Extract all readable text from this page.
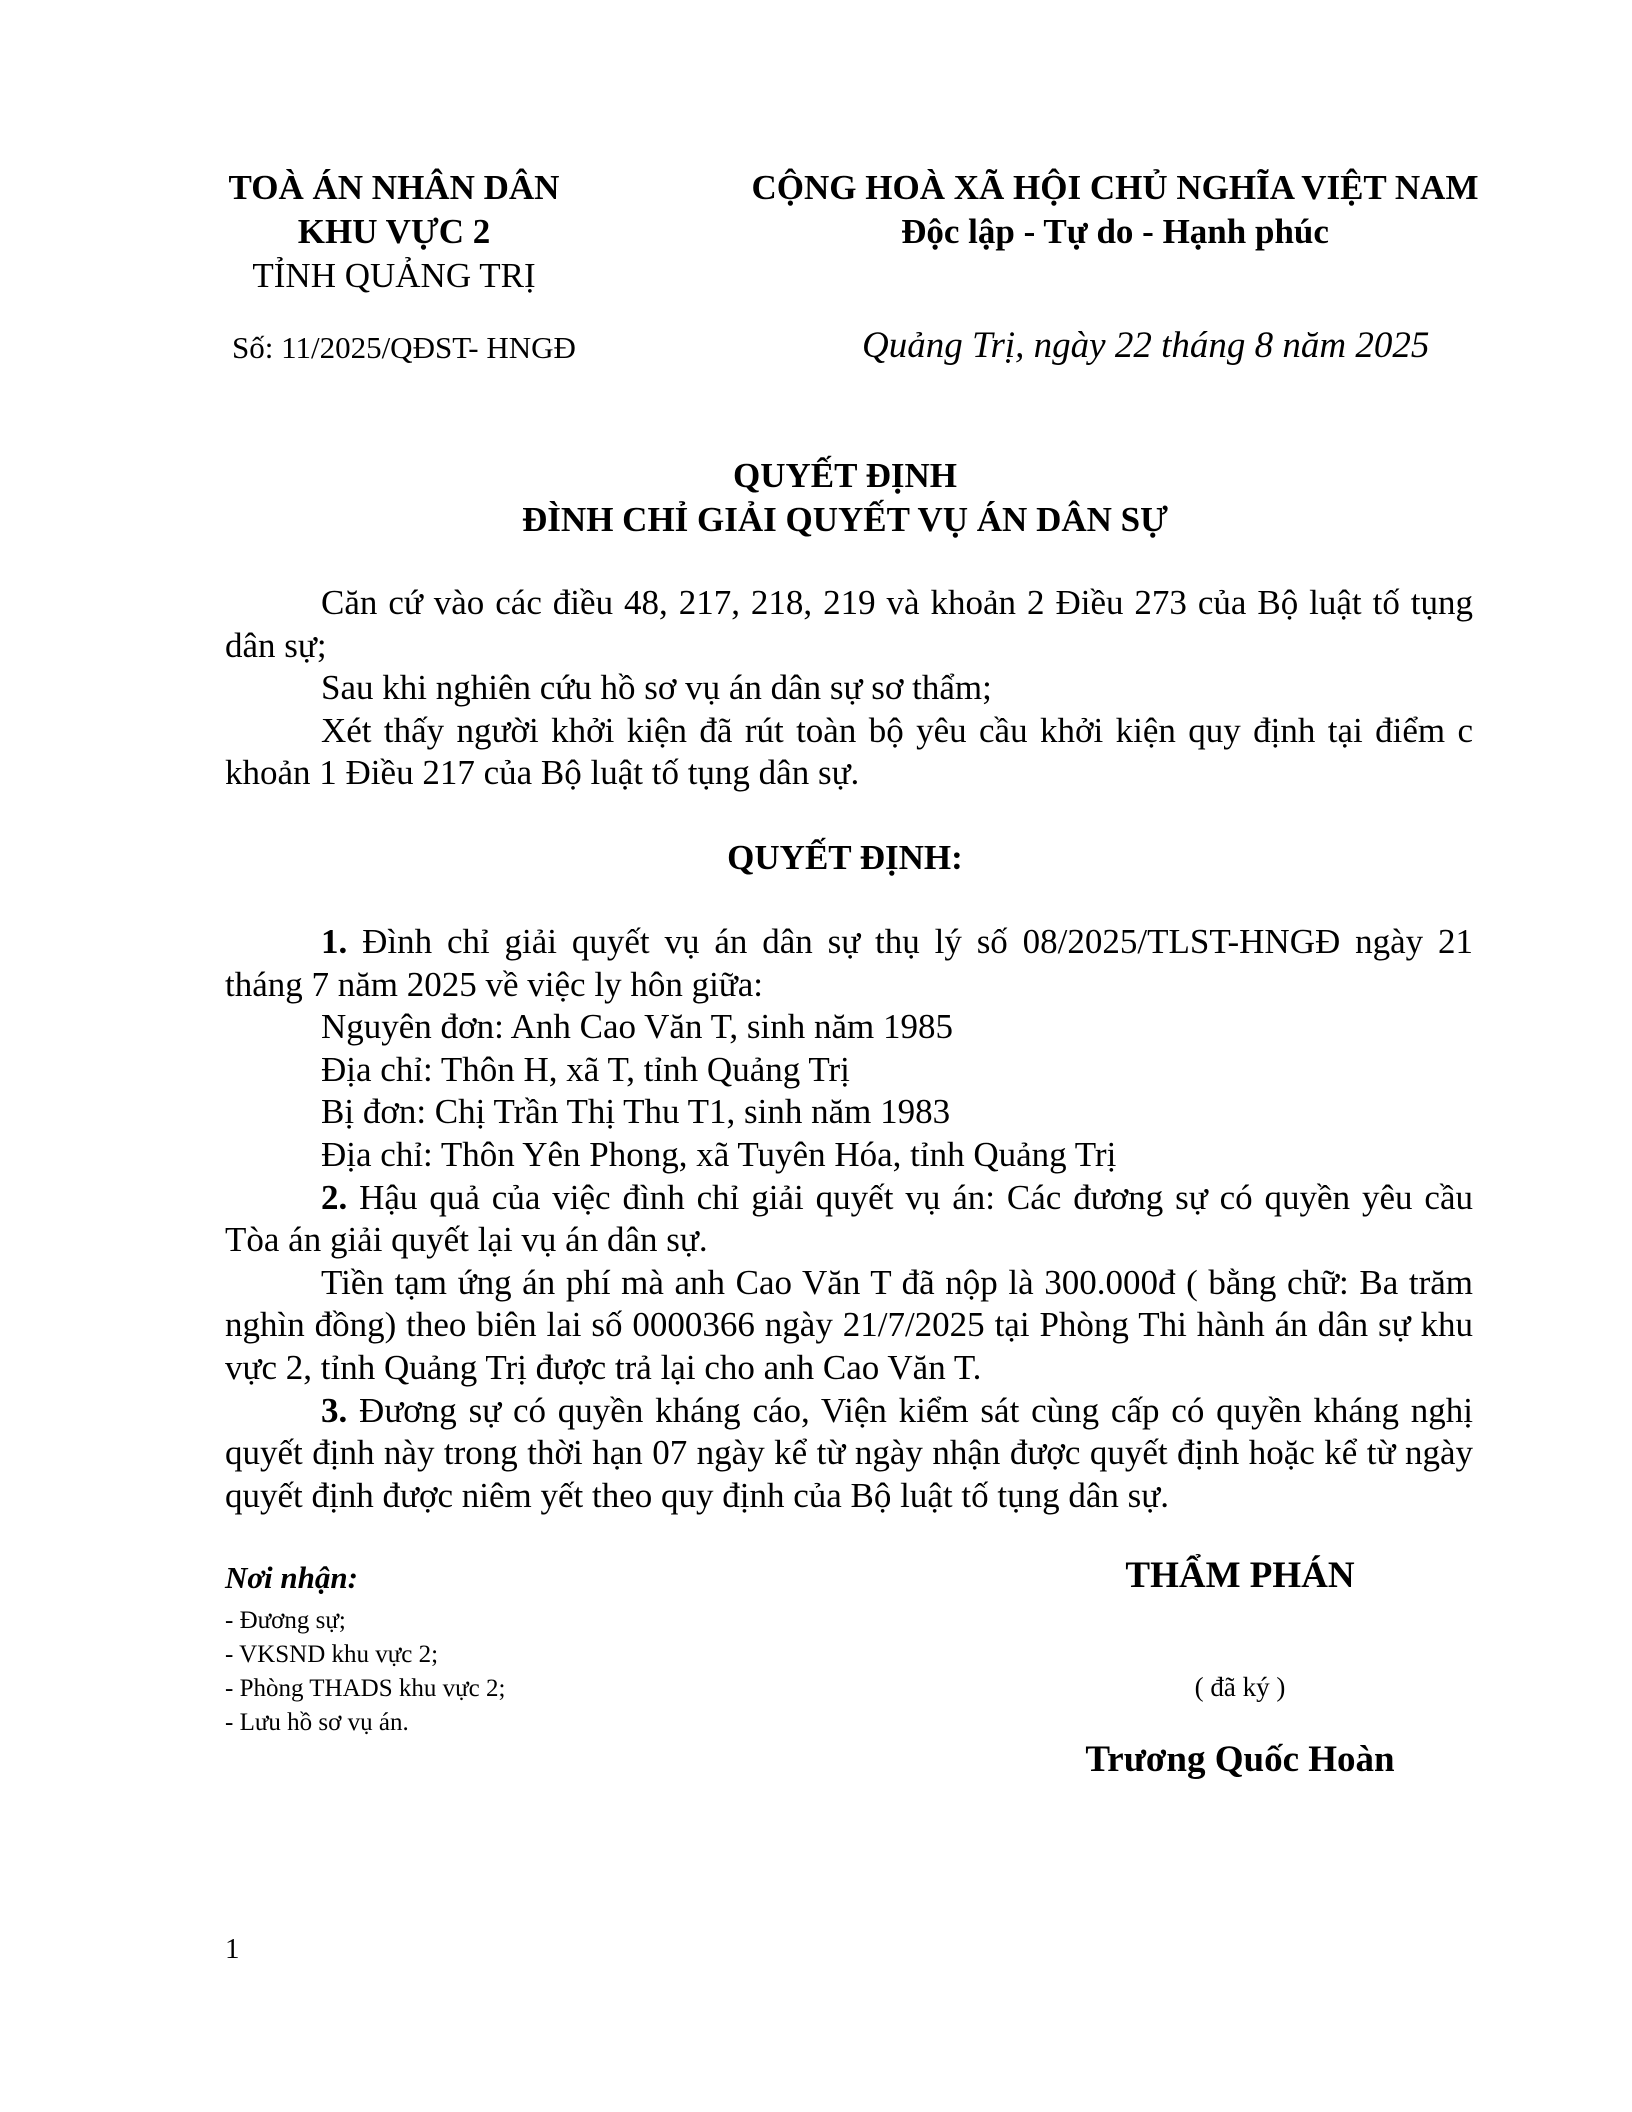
TOÀ ÁN NHÂN DÂN
KHU VỰC 2
TỈNH QUẢNG TRỊ
CỘNG HOÀ XÃ HỘI CHỦ NGHĨA VIỆT NAM
Độc lập - Tự do - Hạnh phúc
Số: 11/2025/QĐST- HNGĐ	Quảng Trị, ngày 22 tháng 8 năm 2025
QUYẾT ĐỊNH
ĐÌNH CHỈ GIẢI QUYẾT VỤ ÁN DÂN SỰ

Căn cứ vào các điều 48, 217, 218, 219 và khoản 2 Điều 273 của Bộ luật tố tụng dân sự;

Sau khi nghiên cứu hồ sơ vụ án dân sự sơ thẩm;

Xét thấy người khởi kiện đã rút toàn bộ yêu cầu khởi kiện quy định tại điểm c khoản 1 Điều 217 của Bộ luật tố tụng dân sự.

QUYẾT ĐỊNH:

1. Đình chỉ giải quyết vụ án dân sự thụ lý số 08/2025/TLST-HNGĐ ngày 21 tháng 7 năm 2025 về việc ly hôn giữa:

Nguyên đơn: Anh Cao Văn T, sinh năm 1985

Địa chỉ: Thôn H, xã T, tỉnh Quảng Trị

Bị đơn: Chị Trần Thị Thu T1, sinh năm 1983

Địa chỉ: Thôn Yên Phong, xã Tuyên Hóa, tỉnh Quảng Trị

2. Hậu quả của việc đình chỉ giải quyết vụ án: Các đương sự có quyền yêu cầu Tòa án giải quyết lại vụ án dân sự.

Tiền tạm ứng án phí mà anh Cao Văn T đã nộp là 300.000đ ( bằng chữ: Ba trăm nghìn đồng) theo biên lai số 0000366 ngày 21/7/2025 tại Phòng Thi hành án dân sự khu vực 2, tỉnh Quảng Trị được trả lại cho anh Cao Văn T.

3. Đương sự có quyền kháng cáo, Viện kiểm sát cùng cấp có quyền kháng nghị quyết định này trong thời hạn 07 ngày kể từ ngày nhận được quyết định hoặc kể từ ngày quyết định được niêm yết theo quy định của Bộ luật tố tụng dân sự.

Nơi nhận:
- Đương sự;
- VKSND khu vực 2;
- Phòng THADS khu vực 2;
- Lưu hồ sơ vụ án.
THẨM PHÁN
( đã ký )
Trương Quốc Hoàn
1
